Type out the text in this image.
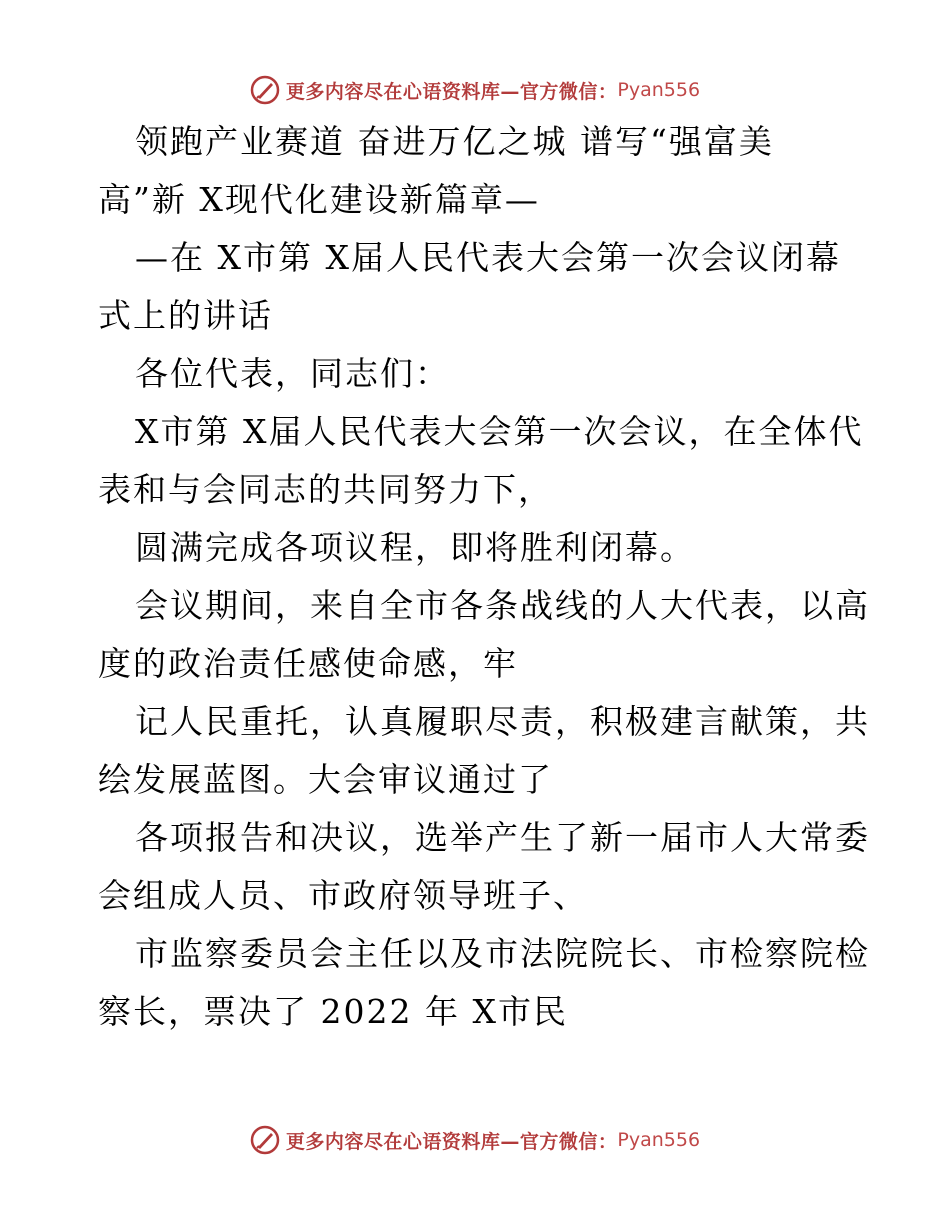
更多内容尽在心语资料库—官方微信： Pyan556
领跑产业赛道 奋进万亿之城 谱写“强富美
高”新 X现代化建设新篇章—
—在 X市第 X届人民代表大会第一次会议闭幕
式上的讲话
各位代表，同志们：
X市第 X届人民代表大会第一次会议，在全体代
表和与会同志的共同努力下，
圆满完成各项议程，即将胜利闭幕。
会议期间，来自全市各条战线的人大代表，以高
度的政治责任感使命感，牢
记人民重托，认真履职尽责，积极建言献策，共
绘发展蓝图。大会审议通过了
各项报告和决议，选举产生了新一届市人大常委
会组成人员、市政府领导班子、
市监察委员会主任以及市法院院长、市检察院检
察长，票决了 2022 年 X市民
更多内容尽在心语资料库—官方微信： Pyan556
